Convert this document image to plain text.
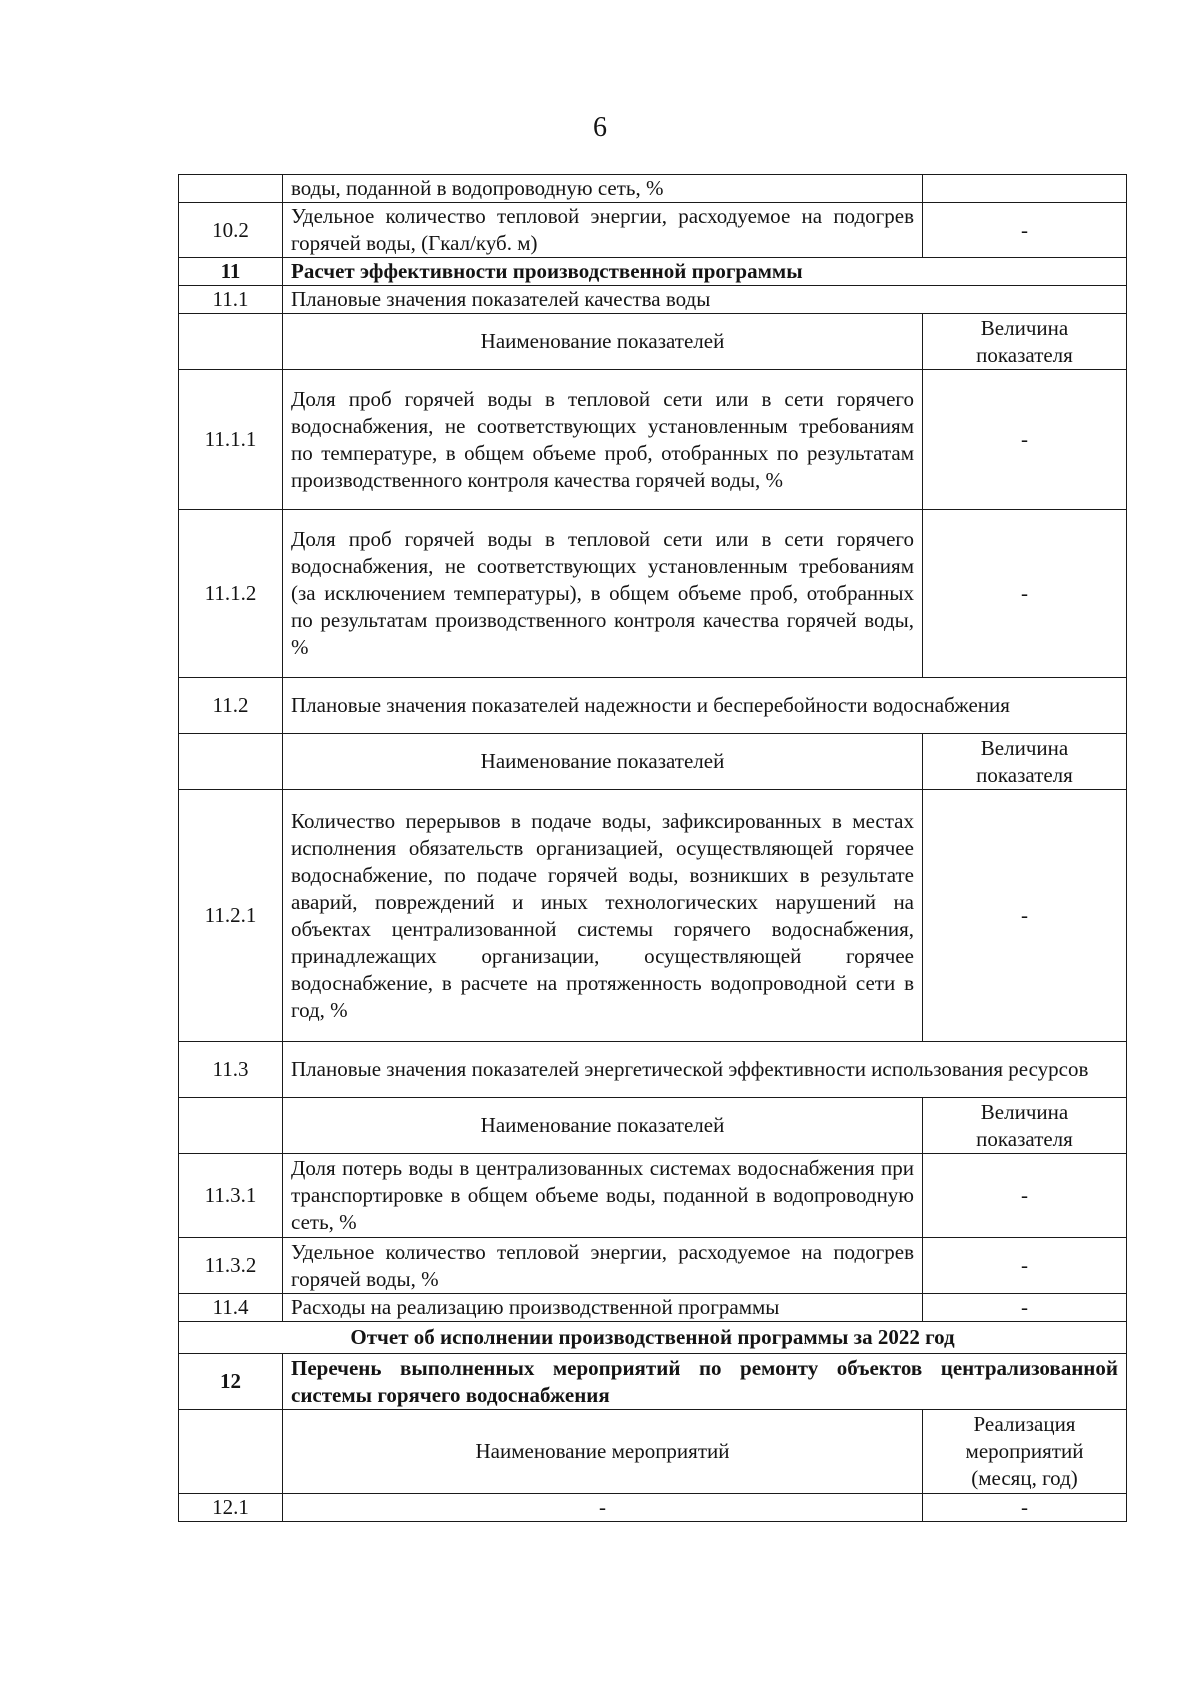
6
	воды, поданной в водопроводную сеть, %	
10.2	Удельное количество тепловой энергии, расходуемое на подогрев горячей воды, (Гкал/куб. м)	-
11	Расчет эффективности производственной программы	
11.1	Плановые значения показателей качества воды	
	Наименование показателей	Величина показателя
11.1.1	Доля проб горячей воды в тепловой сети или в сети горячего водоснабжения, не соответствующих установленным требованиям по температуре, в общем объеме проб, отобранных по результатам производственного контроля качества горячей воды, %	-
11.1.2	Доля проб горячей воды в тепловой сети или в сети горячего водоснабжения, не соответствующих установленным требованиям (за исключением температуры), в общем объеме проб, отобранных по результатам производственного контроля качества горячей воды, %	-
11.2	Плановые значения показателей надежности и бесперебойности водоснабжения	
	Наименование показателей	Величина показателя
11.2.1	Количество перерывов в подаче воды, зафиксированных в местах исполнения обязательств организацией, осуществляющей горячее водоснабжение, по подаче горячей воды, возникших в результате аварий, повреждений и иных технологических нарушений на объектах централизованной системы горячего водоснабжения, принадлежащих организации, осуществляющей горячее водоснабжение, в расчете на протяженность водопроводной сети в год, %	-
11.3	Плановые значения показателей энергетической эффективности использования ресурсов	
	Наименование показателей	Величина показателя
11.3.1	Доля потерь воды в централизованных системах водоснабжения при транспортировке в общем объеме воды, поданной в водопроводную сеть, %	-
11.3.2	Удельное количество тепловой энергии, расходуемое на подогрев горячей воды, %	-
11.4	Расходы на реализацию производственной программы	-
Отчет об исполнении производственной программы за 2022 год		
12	Перечень выполненных мероприятий по ремонту объектов централизованной системы горячего водоснабжения	
	Наименование мероприятий	Реализация мероприятий (месяц, год)
12.1	-	-
